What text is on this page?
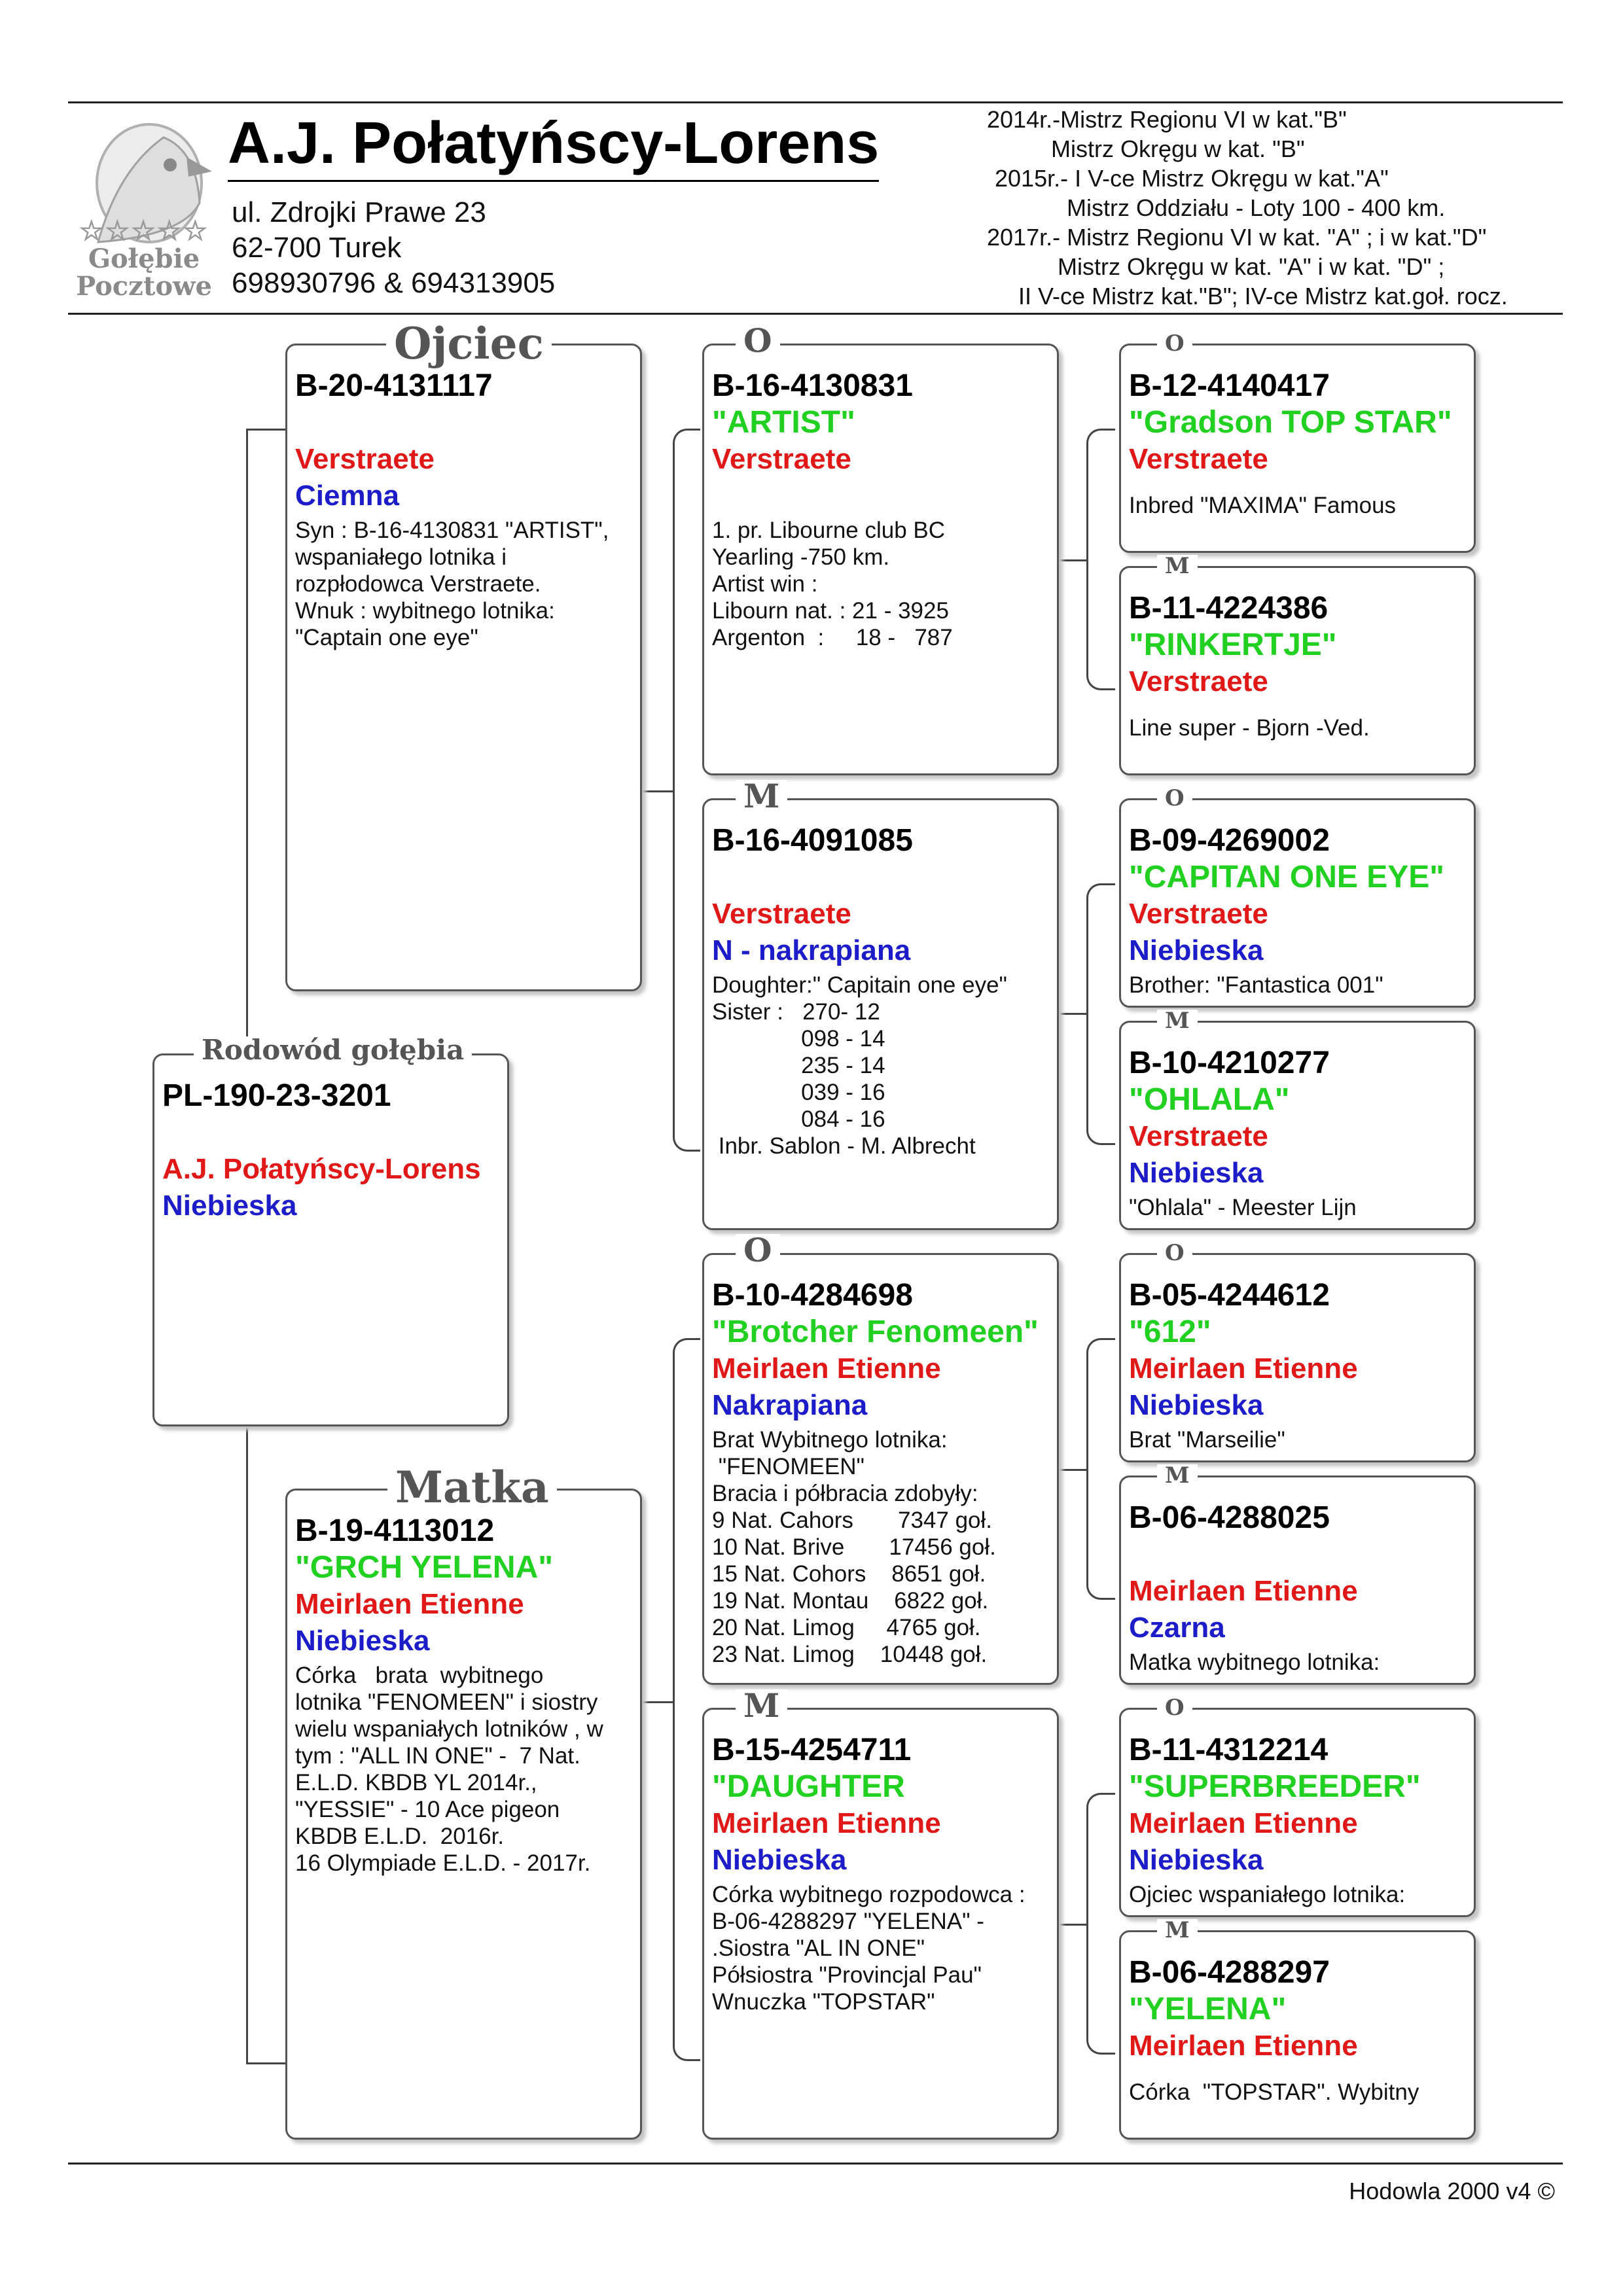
☆☆☆☆☆
Gołębie
Pocztowe
A.J. Połatyńscy-Lorens
ul. Zdrojki Prawe 23
62-700 Turek
698930796 & 694313905
2014r.-Mistrz Regionu VI w kat."B"
Mistrz Okręgu w kat. "B"
2015r.- I V-ce Mistrz Okręgu w kat."A"
Mistrz Oddziału - Loty 100 - 400 km.
2017r.- Mistrz Regionu VI w kat. "A" ; i w kat."D"
Mistrz Okręgu w kat. "A" i w kat. "D" ;
II V-ce Mistrz kat."B"; IV-ce Mistrz kat.goł. rocz.
PL-190-23-3201
A.J. Połatyńscy-Lorens
Niebieska
Rodowód gołębia
B-20-4131117
Verstraete
Ciemna
Syn : B-16-4130831 "ARTIST",
wspaniałego lotnika i
rozpłodowca Verstraete.
Wnuk : wybitnego lotnika:
"Captain one eye"
Ojciec
B-19-4113012
"GRCH YELENA"
Meirlaen Etienne
Niebieska
Córka   brata  wybitnego
lotnika "FENOMEEN" i siostry
wielu wspaniałych lotników , w
tym : "ALL IN ONE" -  7 Nat.
E.L.D. KBDB YL 2014r.,
"YESSIE" - 10 Ace pigeon
KBDB E.L.D.  2016r.
16 Olympiade E.L.D. - 2017r.
Matka
B-16-4130831
"ARTIST"
Verstraete
1. pr. Libourne club BC
Yearling -750 km.
Artist win :
Libourn nat. : 21 - 3925
Argenton  :     18 -   787
O
B-16-4091085
Verstraete
N - nakrapiana
Doughter:" Capitain one eye"
Sister :   270- 12
098 - 14
235 - 14
039 - 16
084 - 16
Inbr. Sablon - M. Albrecht
M
B-10-4284698
"Brotcher Fenomeen"
Meirlaen Etienne
Nakrapiana
Brat Wybitnego lotnika:
"FENOMEEN"
Bracia i półbracia zdobyły:
9 Nat. Cahors       7347 goł.
10 Nat. Brive       17456 goł.
15 Nat. Cohors    8651 goł.
19 Nat. Montau    6822 goł.
20 Nat. Limog     4765 goł.
23 Nat. Limog    10448 goł.
O
B-15-4254711
"DAUGHTER
Meirlaen Etienne
Niebieska
Córka wybitnego rozpodowca :
B-06-4288297 "YELENA" -
.Siostra "AL IN ONE"
Półsiostra "Provincjal Pau"
Wnuczka "TOPSTAR"
M
B-12-4140417
"Gradson TOP STAR"
Verstraete
Inbred "MAXIMA" Famous
O
B-11-4224386
"RINKERTJE"
Verstraete
Line super - Bjorn -Ved.
M
B-09-4269002
"CAPITAN ONE EYE"
Verstraete
Niebieska
Brother: "Fantastica 001"
O
B-10-4210277
"OHLALA"
Verstraete
Niebieska
"Ohlala" - Meester Lijn
M
B-05-4244612
"612"
Meirlaen Etienne
Niebieska
Brat "Marseilie"
O
B-06-4288025
Meirlaen Etienne
Czarna
Matka wybitnego lotnika:
M
B-11-4312214
"SUPERBREEDER"
Meirlaen Etienne
Niebieska
Ojciec wspaniałego lotnika:
O
B-06-4288297
"YELENA"
Meirlaen Etienne
Córka  "TOPSTAR". Wybitny
M
Hodowla 2000 v4 ©
